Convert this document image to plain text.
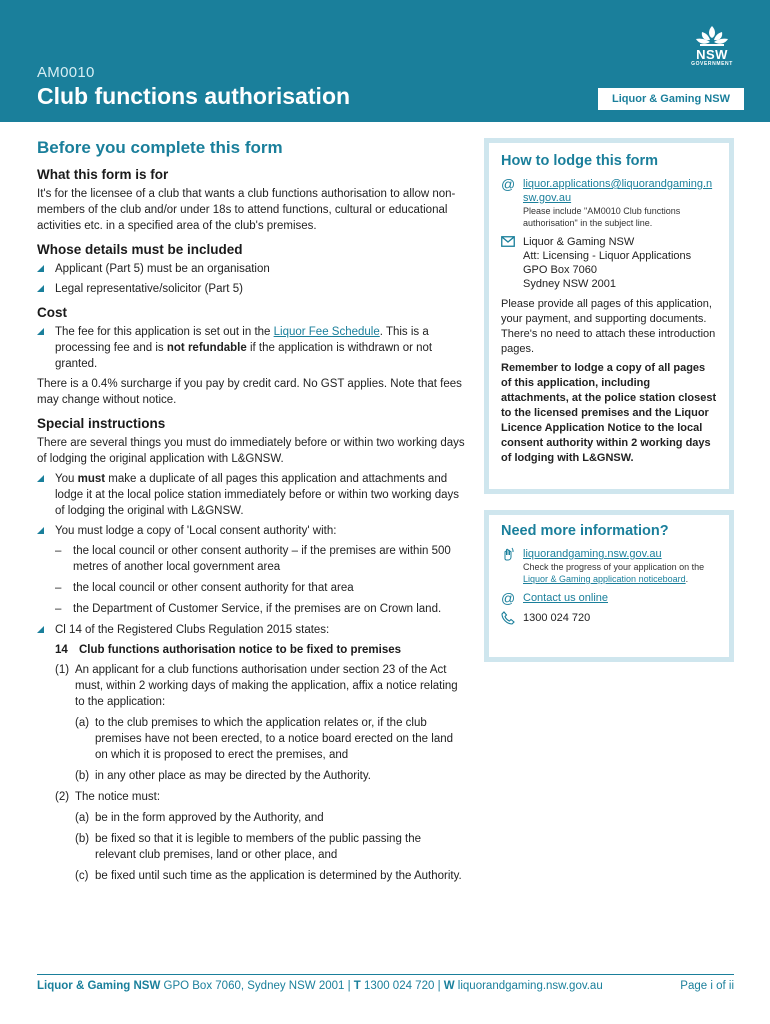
AM0010
Club functions authorisation	Liquor & Gaming NSW
NSW
GOVERNMENT
Before you complete this form
What this form is for
It's for the licensee of a club that wants a club functions authorisation to allow non-members of the club and/or under 18s to attend functions, cultural or educational activities etc. in a specified area of the club's premises.
Whose details must be included
Applicant (Part 5) must be an organisation
Legal representative/solicitor (Part 5)
Cost
The fee for this application is set out in the Liquor Fee Schedule. This is a processing fee and is not refundable if the application is withdrawn or not granted.
There is a 0.4% surcharge if you pay by credit card. No GST applies. Note that fees may change without notice.
Special instructions
There are several things you must do immediately before or within two working days of lodging the original application with L&GNSW.
You must make a duplicate of all pages this application and attachments and lodge it at the local police station immediately before or within two working days of lodging the original with L&GNSW.
You must lodge a copy of 'Local consent authority' with:
– the local council or other consent authority – if the premises are within 500 metres of another local government area
– the local council or other consent authority for that area
– the Department of Customer Service, if the premises are on Crown land.
Cl 14 of the Registered Clubs Regulation 2015 states:
14 Club functions authorisation notice to be fixed to premises
(1) An applicant for a club functions authorisation under section 23 of the Act must, within 2 working days of making the application, affix a notice relating to the application:
(a) to the club premises to which the application relates or, if the club premises have not been erected, to a notice board erected on the land on which it is proposed to erect the premises, and
(b) in any other place as may be directed by the Authority.
(2) The notice must:
(a) be in the form approved by the Authority, and
(b) be fixed so that it is legible to members of the public passing the relevant club premises, land or other place, and
(c) be fixed until such time as the application is determined by the Authority.
How to lodge this form
@ liquor.applications@liquorandgaming.nsw.gov.au
Please include "AM0010 Club functions authorisation" in the subject line.
Liquor & Gaming NSW
Att: Licensing - Liquor Applications
GPO Box 7060
Sydney NSW 2001
Please provide all pages of this application, your payment, and supporting documents. There's no need to attach these introduction pages.
Remember to lodge a copy of all pages of this application, including attachments, at the police station closest to the licensed premises and the Liquor Licence Application Notice to the local consent authority within 2 working days of lodging with L&GNSW.
Need more information?
liquorandgaming.nsw.gov.au
Check the progress of your application on the Liquor & Gaming application noticeboard.
@ Contact us online
1300 024 720
Liquor & Gaming NSW GPO Box 7060, Sydney NSW 2001 | T 1300 024 720 | W liquorandgaming.nsw.gov.au	Page i of ii
